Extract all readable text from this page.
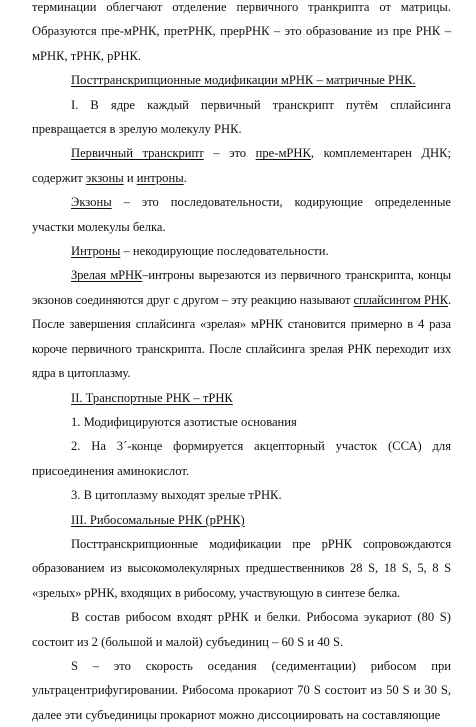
терминации облегчают отделение первичного транкрипта от матрицы. Образуются пре-мРНК, претРНК, прерРНК – это образование из пре РНК – мРНК, тРНК, рРНК.

Посттранскрипционные модификации мРНК – матричные РНК.

I. В ядре каждый первичный транскрипт путём сплайсинга превращается в зрелую молекулу РНК.

Первичный транскрипт – это пре-мРНК, комплементарен ДНК; содержит экзоны и интроны.

Экзоны – это последовательности, кодирующие определенные участки молекулы белка.

Интроны – некодирующие последовательности.

Зрелая мРНК–интроны вырезаются из первичного транскрипта, концы экзонов соединяются друг с другом – эту реакцию называют сплайсингом РНК. После завершения сплайсинга «зрелая» мРНК становится примерно в 4 раза короче первичного транскрипта. После сплайсинга зрелая РНК переходит изх ядра в цитоплазму.

II. Транспортные РНК – тРНК

1. Модифицируются азотистые основания

2. На 3´-конце формируется акцепторный участок (ССА) для присоединения аминокислот.

3. В цитоплазму выходят зрелые тРНК.

III. Рибосомальные РНК (рРНК)

Посттранскрипционные модификации пре рРНК сопровождаются образованием из высокомолекулярных предшественников 28 S, 18 S, 5, 8 S «зрелых» рРНК, входящих в рибосому, участвующую в синтезе белка.

В состав рибосом входят рРНК и белки. Рибосома эукариот (80 S) состоит из 2 (большой и малой) субъединиц – 60 S и 40 S.

S – это скорость оседания (седиментации) рибосом при ультрацентрифугировании. Рибосома прокариот 70 S состоит из 50 S и 30 S, далее эти субъединицы прокариот можно диссоциировать на составляющие
